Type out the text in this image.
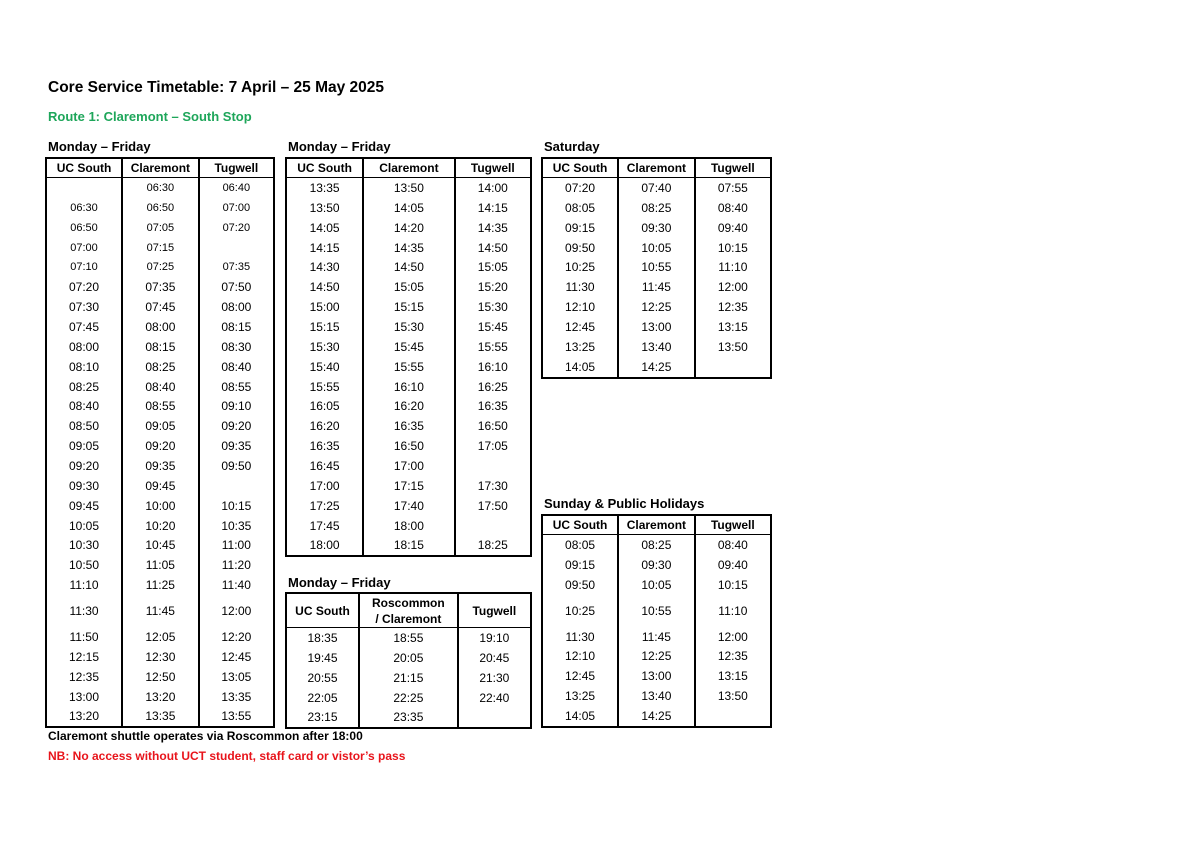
Core Service Timetable: 7 April – 25 May 2025
Route 1: Claremont – South Stop
Monday – Friday
UC South	Claremont	Tugwell
	06:30	06:40
06:30	06:50	07:00
06:50	07:05	07:20
07:00	07:15	
07:10	07:25	07:35
07:20	07:35	07:50
07:30	07:45	08:00
07:45	08:00	08:15
08:00	08:15	08:30
08:10	08:25	08:40
08:25	08:40	08:55
08:40	08:55	09:10
08:50	09:05	09:20
09:05	09:20	09:35
09:20	09:35	09:50
09:30	09:45	
09:45	10:00	10:15
10:05	10:20	10:35
10:30	10:45	11:00
10:50	11:05	11:20
11:10	11:25	11:40
11:30	11:45	12:00
11:50	12:05	12:20
12:15	12:30	12:45
12:35	12:50	13:05
13:00	13:20	13:35
13:20	13:35	13:55
Monday – Friday
UC South	Claremont	Tugwell
13:35	13:50	14:00
13:50	14:05	14:15
14:05	14:20	14:35
14:15	14:35	14:50
14:30	14:50	15:05
14:50	15:05	15:20
15:00	15:15	15:30
15:15	15:30	15:45
15:30	15:45	15:55
15:40	15:55	16:10
15:55	16:10	16:25
16:05	16:20	16:35
16:20	16:35	16:50
16:35	16:50	17:05
16:45	17:00	
17:00	17:15	17:30
17:25	17:40	17:50
17:45	18:00	
18:00	18:15	18:25
Monday – Friday
UC South	Roscommon / Claremont	Tugwell
18:35	18:55	19:10
19:45	20:05	20:45
20:55	21:15	21:30
22:05	22:25	22:40
23:15	23:35	
Saturday
UC South	Claremont	Tugwell
07:20	07:40	07:55
08:05	08:25	08:40
09:15	09:30	09:40
09:50	10:05	10:15
10:25	10:55	11:10
11:30	11:45	12:00
12:10	12:25	12:35
12:45	13:00	13:15
13:25	13:40	13:50
14:05	14:25	
Sunday & Public Holidays
UC South	Claremont	Tugwell
08:05	08:25	08:40
09:15	09:30	09:40
09:50	10:05	10:15
10:25	10:55	11:10
11:30	11:45	12:00
12:10	12:25	12:35
12:45	13:00	13:15
13:25	13:40	13:50
14:05	14:25	
Claremont shuttle operates via Roscommon after 18:00
NB: No access without UCT student, staff card or vistor’s pass
